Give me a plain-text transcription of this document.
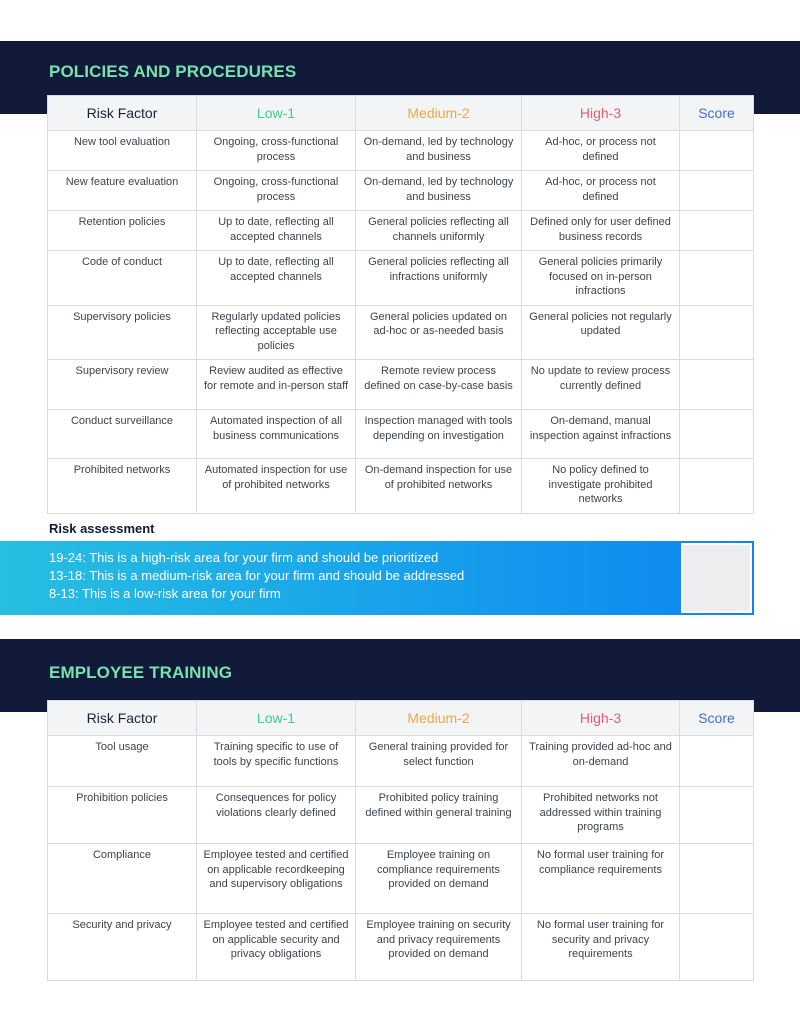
POLICIES AND PROCEDURES
Risk Factor	Low-1	Medium-2	High-3	Score
New tool evaluation	Ongoing, cross-functional process	On-demand, led by technology and business	Ad-hoc, or process not defined	
New feature evaluation	Ongoing, cross-functional process	On-demand, led by technology and business	Ad-hoc, or process not defined	
Retention policies	Up to date, reflecting all accepted channels	General policies reflecting all channels uniformly	Defined only for user defined business records	
Code of conduct	Up to date, reflecting all accepted channels	General policies reflecting all infractions uniformly	General policies primarily focused on in-person infractions	
Supervisory policies	Regularly updated policies reflecting acceptable use policies	General policies updated on ad-hoc or as-needed basis	General policies not regularly updated	
Supervisory review	Review audited as effective for remote and in-person staff	Remote review process defined on case-by-case basis	No update to review process currently defined	
Conduct surveillance	Automated inspection of all business communications	Inspection managed with tools depending on investigation	On-demand, manual inspection against infractions	
Prohibited networks	Automated inspection for use of prohibited networks	On-demand inspection for use of prohibited networks	No policy defined to investigate prohibited networks	
Risk assessment
19-24: This is a high-risk area for your firm and should be prioritized
13-18: This is a medium-risk area for your firm and should be addressed
8-13: This is a low-risk area for your firm
EMPLOYEE TRAINING
Risk Factor	Low-1	Medium-2	High-3	Score
Tool usage	Training specific to use of tools by specific functions	General training provided for select function	Training provided ad-hoc and on-demand	
Prohibition policies	Consequences for policy violations clearly defined	Prohibited policy training defined within general training	Prohibited networks not addressed within training programs	
Compliance	Employee tested and certified on applicable recordkeeping and supervisory obligations	Employee training on compliance requirements provided on demand	No formal user training for compliance requirements	
Security and privacy	Employee tested and certified on applicable security and privacy obligations	Employee training on security and privacy requirements provided on demand	No formal user training for security and privacy requirements	
